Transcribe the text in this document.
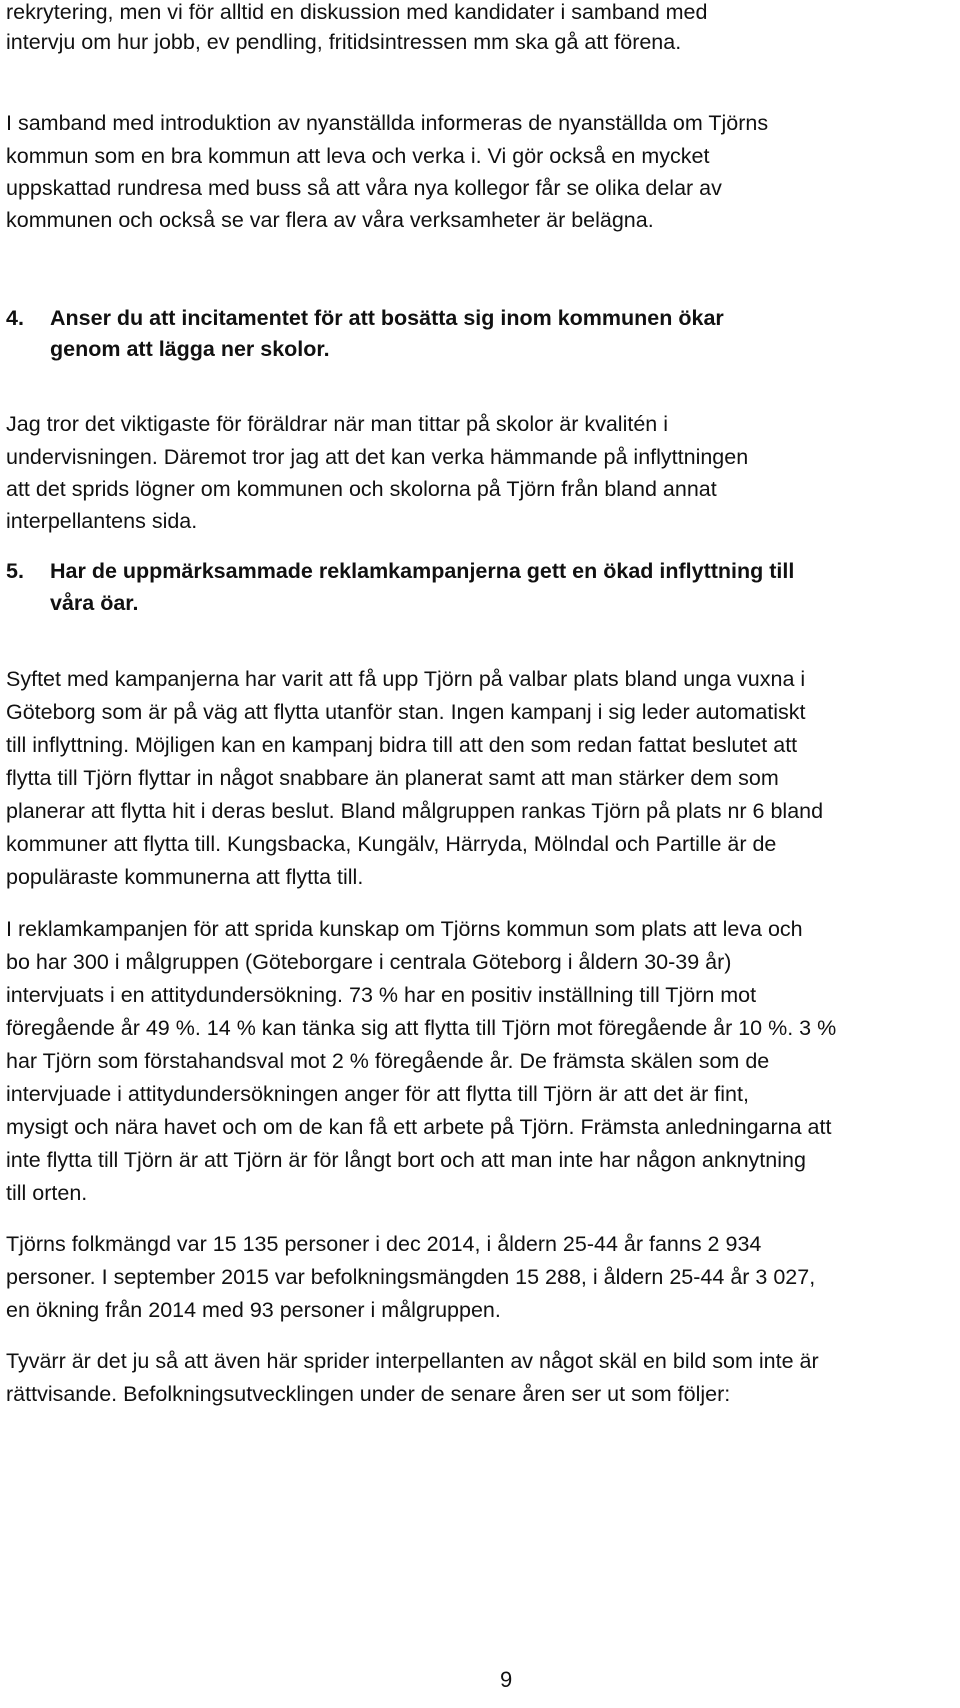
rekrytering, men vi för alltid en diskussion med kandidater i samband med
intervju om hur jobb, ev pendling, fritidsintressen mm ska gå att förena.
I samband med introduktion av nyanställda informeras de nyanställda om Tjörns
kommun som en bra kommun att leva och verka i. Vi gör också en mycket
uppskattad rundresa med buss så att våra nya kollegor får se olika delar av
kommunen och också se var flera av våra verksamheter är belägna.
4. Anser du att incitamentet för att bosätta sig inom kommunen ökar
genom att lägga ner skolor.
Jag tror det viktigaste för föräldrar när man tittar på skolor är kvalitén i
undervisningen. Däremot tror jag att det kan verka hämmande på inflyttningen
att det sprids lögner om kommunen och skolorna på Tjörn från bland annat
interpellantens sida.
5. Har de uppmärksammade reklamkampanjerna gett en ökad inflyttning till
våra öar.
Syftet med kampanjerna har varit att få upp Tjörn på valbar plats bland unga vuxna i
Göteborg som är på väg att flytta utanför stan. Ingen kampanj i sig leder automatiskt
till inflyttning. Möjligen kan en kampanj bidra till att den som redan fattat beslutet att
flytta till Tjörn flyttar in något snabbare än planerat samt att man stärker dem som
planerar att flytta hit i deras beslut. Bland målgruppen rankas Tjörn på plats nr 6 bland
kommuner att flytta till. Kungsbacka, Kungälv, Härryda, Mölndal och Partille är de
populäraste kommunerna att flytta till.
I reklamkampanjen för att sprida kunskap om Tjörns kommun som plats att leva och
bo har 300 i målgruppen (Göteborgare i centrala Göteborg i åldern 30-39 år)
intervjuats i en attitydundersökning. 73 % har en positiv inställning till Tjörn mot
föregående år 49 %. 14 % kan tänka sig att flytta till Tjörn mot föregående år 10 %. 3 %
har Tjörn som förstahandsval mot 2 % föregående år. De främsta skälen som de
intervjuade i attitydundersökningen anger för att flytta till Tjörn är att det är fint,
mysigt och nära havet och om de kan få ett arbete på Tjörn. Främsta anledningarna att
inte flytta till Tjörn är att Tjörn är för långt bort och att man inte har någon anknytning
till orten.
Tjörns folkmängd var 15 135 personer i dec 2014, i åldern 25-44 år fanns 2 934
personer. I september 2015 var befolkningsmängden 15 288, i åldern 25-44 år 3 027,
en ökning från 2014 med 93 personer i målgruppen.
Tyvärr är det ju så att även här sprider interpellanten av något skäl en bild som inte är
rättvisande. Befolkningsutvecklingen under de senare åren ser ut som följer:
9
